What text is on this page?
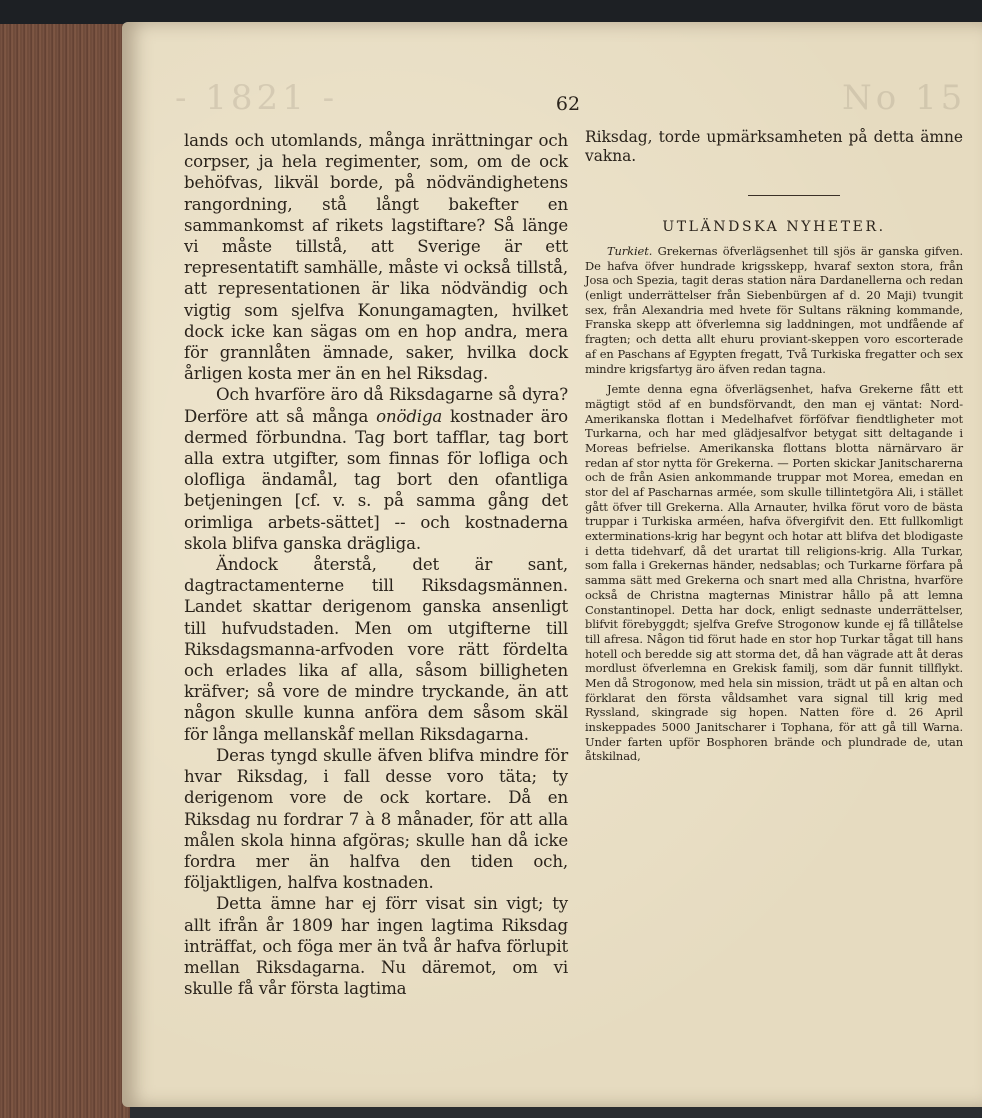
- 1821 -	No 15
62

lands och utomlands, många inrättningar och corpser, ja hela regimenter, som, om de ock behöfvas, likväl borde, på nödvändighetens rangordning, stå långt bakefter en sammankomst af rikets lagstiftare? Så länge vi måste tillstå, att Sverige är ett representatift samhälle, måste vi också tillstå, att representationen är lika nödvändig och vigtig som sjelfva Konungamagten, hvilket dock icke kan sägas om en hop andra, mera för grannlåten ämnade, saker, hvilka dock årligen kosta mer än en hel Riksdag.

Och hvarföre äro då Riksdagarne så dyra? Derföre att så många onödiga kostnader äro dermed förbundna. Tag bort tafflar, tag bort alla extra utgifter, som finnas för lofliga och olofliga ändamål, tag bort den ofantliga betjeningen [cf. v. s. på samma gång det orimliga arbets-sättet] -- och kostnaderna skola blifva ganska drägliga.

Ändock återstå, det är sant, dagtractamenterne till Riksdagsmännen. Landet skattar derigenom ganska ansenligt till hufvudstaden. Men om utgifterne till Riksdagsmanna-arfvoden vore rätt fördelta och erlades lika af alla, såsom billigheten kräfver; så vore de mindre tryckande, än att någon skulle kunna anföra dem såsom skäl för långa mellanskåf mellan Riksdagarna.

Deras tyngd skulle äfven blifva mindre för hvar Riksdag, i fall desse voro täta; ty derigenom vore de ock kortare. Då en Riksdag nu fordrar 7 à 8 månader, för att alla målen skola hinna afgöras; skulle han då icke fordra mer än halfva den tiden och, följaktligen, halfva kostnaden.

Detta ämne har ej förr visat sin vigt; ty allt ifrån år 1809 har ingen lagtima Riksdag inträffat, och föga mer än två år hafva förlupit mellan Riksdagarna. Nu däremot, om vi skulle få vår första lagtima

Riksdag, torde upmärksamheten på detta ämne vakna.

UTLÄNDSKA NYHETER.

Turkiet. Grekernas öfverlägsenhet till sjös är ganska gifven. De hafva öfver hundrade krigsskepp, hvaraf sexton stora, från Josa och Spezia, tagit deras station nära Dardanellerna och redan (enligt underrättelser från Siebenbürgen af d. 20 Maji) tvungit sex, från Alexandria med hvete för Sultans räkning kommande, Franska skepp att öfverlemna sig laddningen, mot undfående af fragten; och detta allt ehuru proviant-skeppen voro escorterade af en Paschans af Egypten fregatt, Två Turkiska fregatter och sex mindre krigsfartyg äro äfven redan tagna.

Jemte denna egna öfverlägsenhet, hafva Grekerne fått ett mägtigt stöd af en bundsförvandt, den man ej väntat: Nord-Amerikanska flottan i Medelhafvet förföfvar fiendtligheter mot Turkarna, och har med glädjesalfvor betygat sitt deltagande i Moreas befrielse. Amerikanska flottans blotta närnärvaro är redan af stor nytta för Grekerna. — Porten skickar Janitscharerna och de från Asien ankommande truppar mot Morea, emedan en stor del af Pascharnas armée, som skulle tillintetgöra Ali, i stället gått öfver till Grekerna. Alla Arnauter, hvilka förut voro de bästa truppar i Turkiska arméen, hafva öfvergifvit den. Ett fullkomligt exterminations-krig har begynt och hotar att blifva det blodigaste i detta tidehvarf, då det urartat till religions-krig. Alla Turkar, som falla i Grekernas händer, nedsablas; och Turkarne förfara på samma sätt med Grekerna och snart med alla Christna, hvarföre också de Christna magternas Ministrar hållo på att lemna Constantinopel. Detta har dock, enligt sednaste underrättelser, blifvit förebyggdt; sjelfva Grefve Strogonow kunde ej få tillåtelse till afresa. Någon tid förut hade en stor hop Turkar tågat till hans hotell och beredde sig att storma det, då han vägrade att åt deras mordlust öfverlemna en Grekisk familj, som där funnit tillflykt. Men då Strogonow, med hela sin mission, trädt ut på en altan och förklarat den första våldsamhet vara signal till krig med Ryssland, skingrade sig hopen. Natten före d. 26 April inskeppades 5000 Janitscharer i Tophana, för att gå till Warna. Under farten upför Bosphoren brände och plundrade de, utan åtskilnad,
